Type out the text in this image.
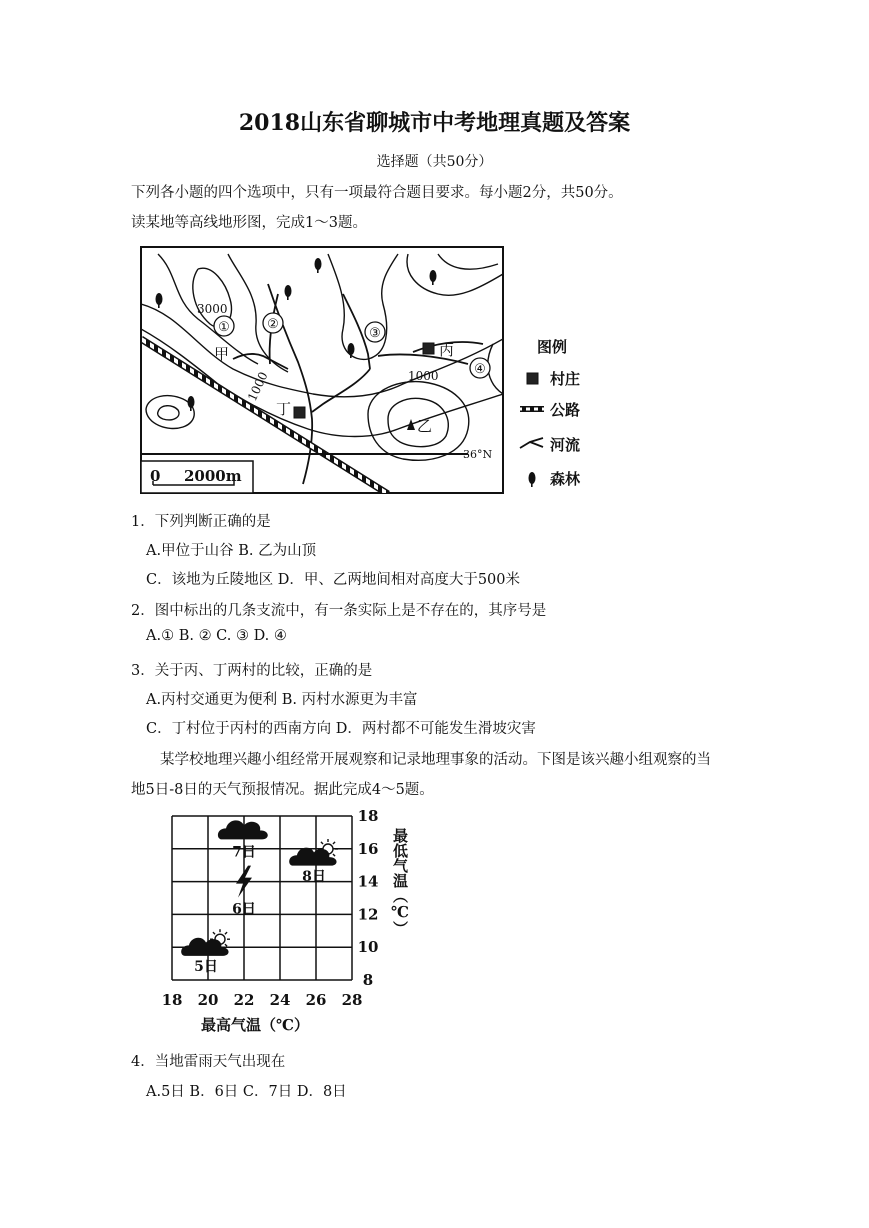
2018山东省聊城市中考地理真题及答案
选择题（共50分）
下列各小题的四个选项中，只有一项最符合题目要求。每小题2分，共50分。
读某地等高线地形图，完成1～3题。
①	②
③
④
3000
甲	丙
丁
乙
1000
36°N
1000
0 2000m
图例
村庄
公路
河流
森林
1．下列判断正确的是
A.甲位于山谷 B. 乙为山顶
C．该地为丘陵地区 D．甲、乙两地间相对高度大于500米
2．图中标出的几条支流中，有一条实际上是不存在的，其序号是
A.① B. ② C. ③ D. ④
3．关于丙、丁两村的比较，正确的是
A.丙村交通更为便利 B. 丙村水源更为丰富
C．丁村位于丙村的西南方向 D．两村都不可能发生滑坡灾害
某学校地理兴趣小组经常开展观察和记录地理事象的活动。下图是该兴趣小组观察的当
地5日-8日的天气预报情况。据此完成4～5题。
18 20 22 24 26 28
8
10
12
14
16
18
最高气温（℃）
最低气温（℃）
5日
6日
7日
8日
4．当地雷雨天气出现在
A.5日 B．6日 C．7日 D．8日
